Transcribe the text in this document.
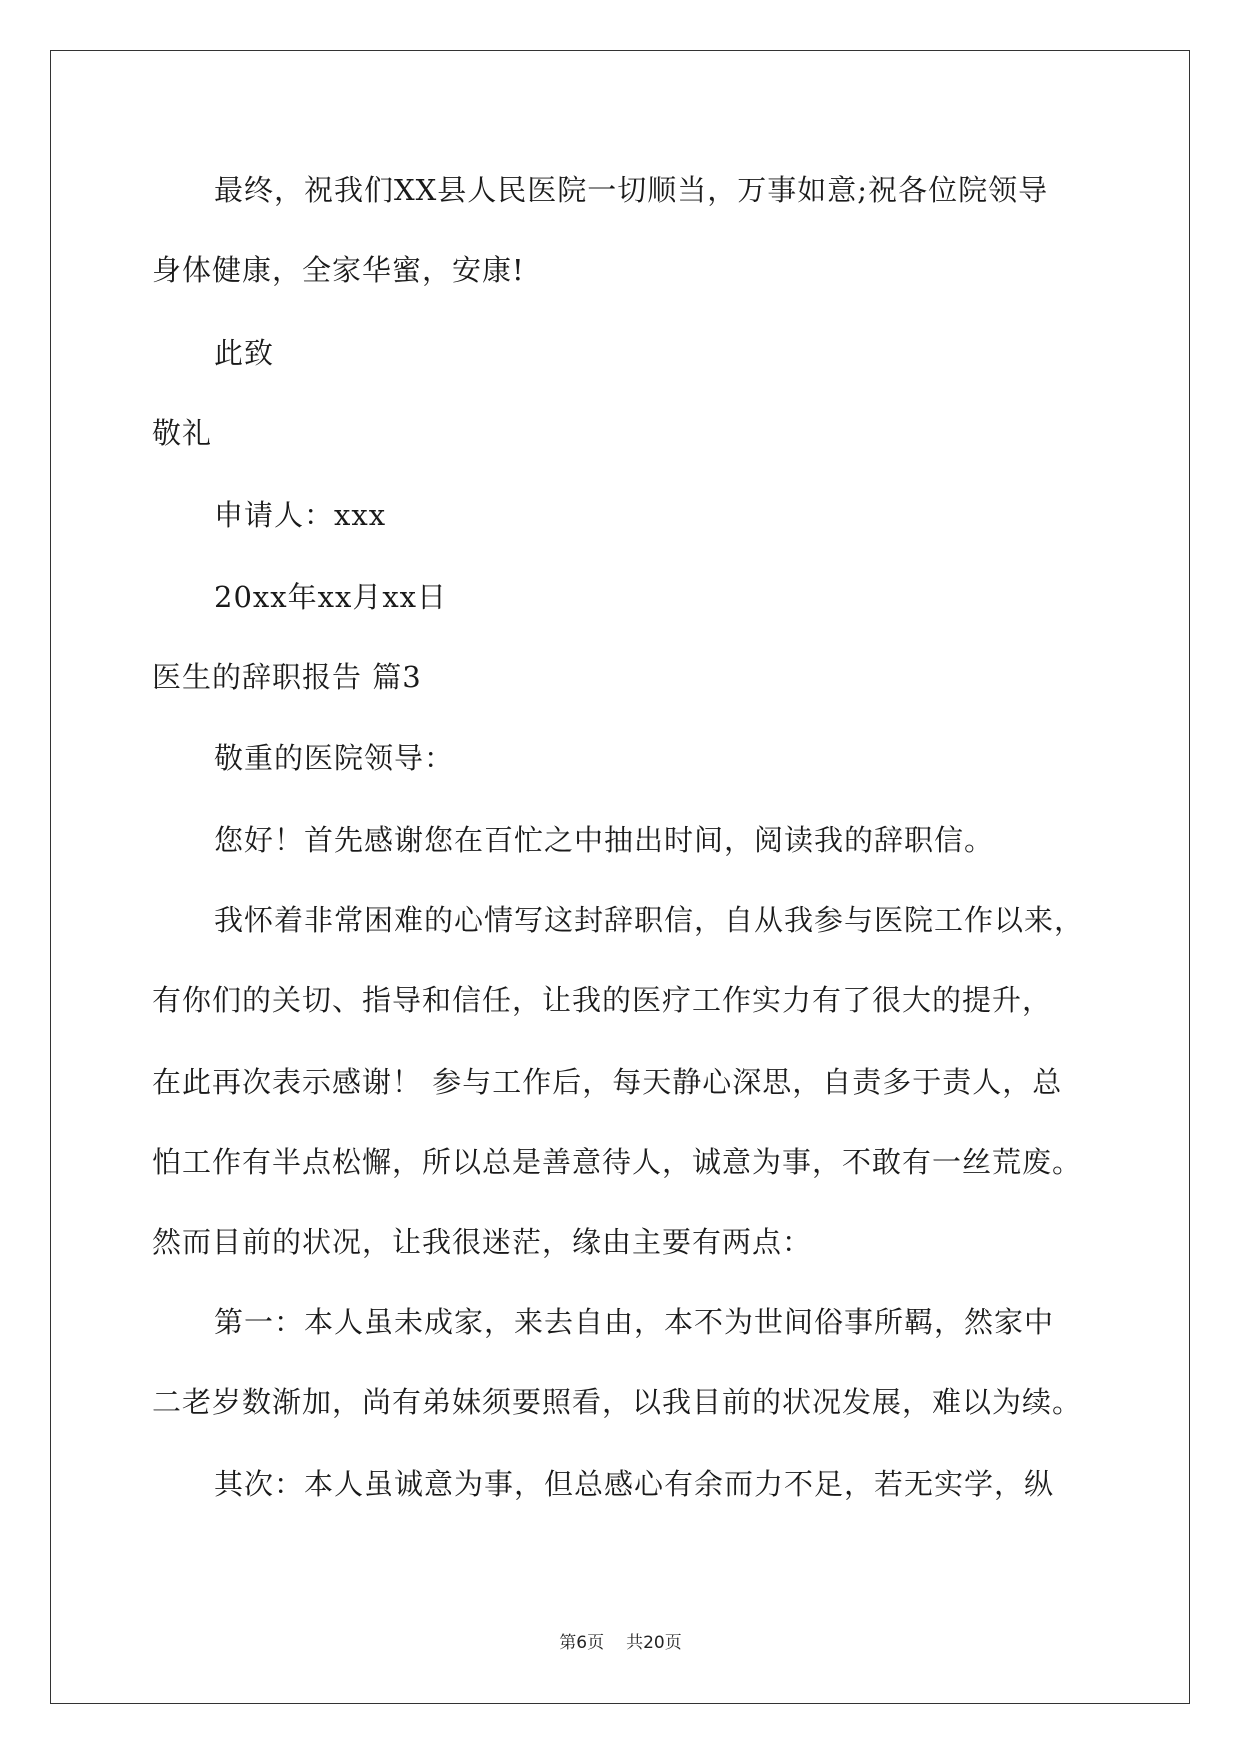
最终，祝我们XX县人民医院一切顺当，万事如意;祝各位院领导
身体健康，全家华蜜，安康!
此致
敬礼
申请人：xxx
20xx年xx月xx日
医生的辞职报告 篇3
敬重的医院领导：
您好！首先感谢您在百忙之中抽出时间，阅读我的辞职信。
我怀着非常困难的心情写这封辞职信，自从我参与医院工作以来，
有你们的关切、指导和信任，让我的医疗工作实力有了很大的提升，
在此再次表示感谢！ 参与工作后，每天静心深思，自责多于责人，总
怕工作有半点松懈，所以总是善意待人，诚意为事，不敢有一丝荒废。
然而目前的状况，让我很迷茫，缘由主要有两点：
第一：本人虽未成家，来去自由，本不为世间俗事所羁，然家中
二老岁数渐加，尚有弟妹须要照看，以我目前的状况发展，难以为续。
其次：本人虽诚意为事，但总感心有余而力不足，若无实学，纵
第6页 共20页
